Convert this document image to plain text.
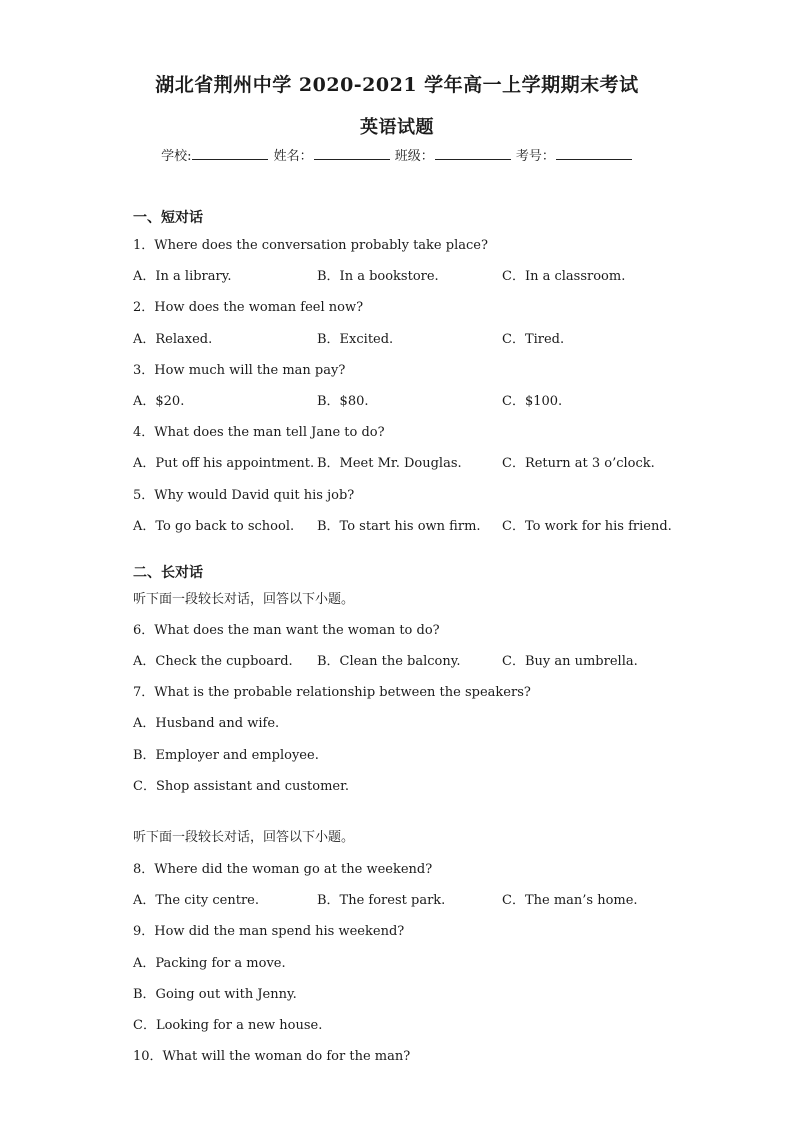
湖北省荆州中学 2020-2021 学年高一上学期期末考试
英语试题
学校:	姓名：	班级：	考号：
一、短对话
1．Where does the conversation probably take place?
A．In a library.	B．In a bookstore.	C．In a classroom.
2．How does the woman feel now?
A．Relaxed.	B．Excited.	C．Tired.
3．How much will the man pay?
A．$20.	B．$80.	C．$100.
4．What does the man tell Jane to do?
A．Put off his appointment. B．Meet Mr. Douglas.	C．Return at 3 o’clock.
5．Why would David quit his job?
A．To go back to school. B．To start his own firm. C．To work for his friend.
二、长对话
听下面一段较长对话，回答以下小题。
6．What does the man want the woman to do?
A．Check the cupboard. B．Clean the balcony.	C．Buy an umbrella.
7．What is the probable relationship between the speakers?
A．Husband and wife.
B．Employer and employee.
C．Shop assistant and customer.
听下面一段较长对话，回答以下小题。
8．Where did the woman go at the weekend?
A．The city centre.	B．The forest park.	C．The man’s home.
9．How did the man spend his weekend?
A．Packing for a move.
B．Going out with Jenny.
C．Looking for a new house.
10．What will the woman do for the man?
